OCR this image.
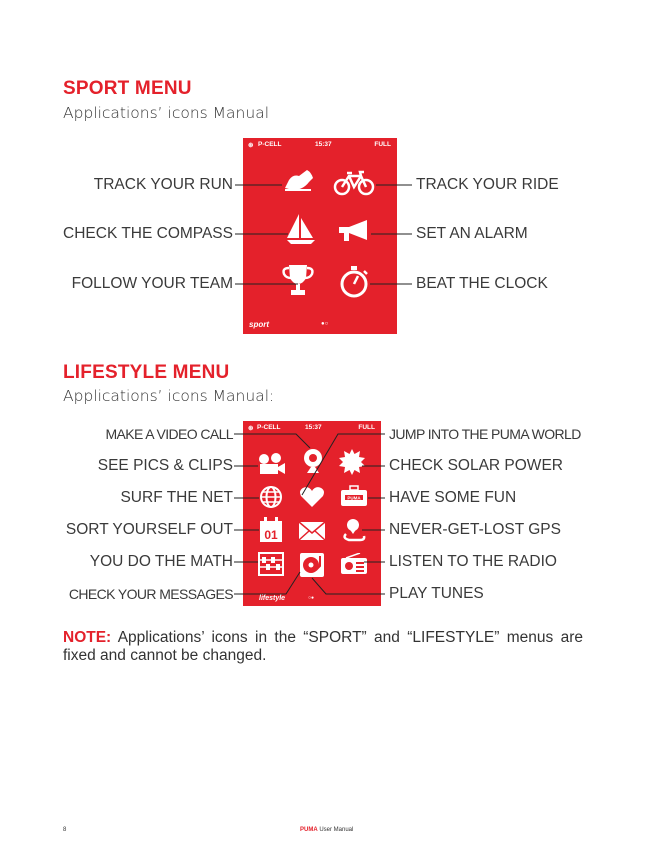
SPORT MENU
Applications’ icons Manual
⊛ P-CELL	15:37	FULL
sport	●○
TRACK YOUR RUN
CHECK THE COMPASS
FOLLOW YOUR TEAM
TRACK YOUR RIDE
SET AN ALARM
BEAT THE CLOCK
LIFESTYLE MENU
Applications’ icons Manual:
⊛ P-CELL	15:37	FULL
lifestyle	○●
PUMA
01
MAKE A VIDEO CALL
SEE PICS & CLIPS
SURF THE NET
SORT YOURSELF OUT
YOU DO THE MATH
CHECK YOUR MESSAGES
JUMP INTO THE PUMA WORLD
CHECK SOLAR POWER
HAVE SOME FUN
NEVER-GET-LOST GPS
LISTEN TO THE RADIO
PLAY TUNES
NOTE: Applications’ icons in the “SPORT” and “LIFESTYLE” menus are fixed and cannot be changed.
8	PUMA User Manual
